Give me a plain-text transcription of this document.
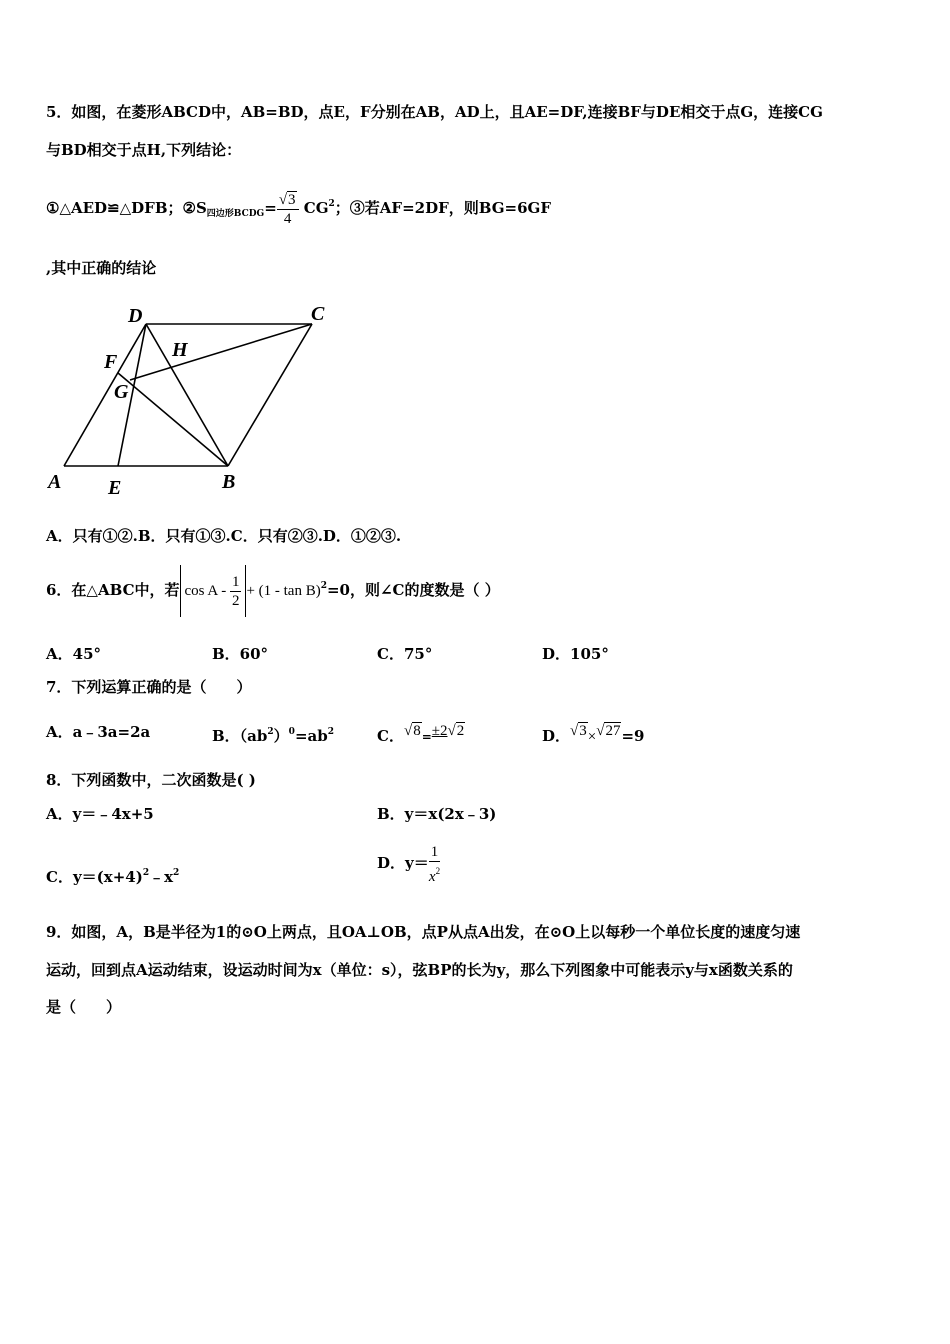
5．如图，在菱形ABCD中，AB=BD，点E，F分别在AB，AD上，且AE=DF,连接BF与DE相交于点G，连接CG
与BD相交于点H,下列结论：
①△AED≌△DFB；$②S_{四边形BCDG}= \frac{√3}{4} CG^2$；③若AF=2DF，则BG=6GF
,其中正确的结论
D	C
F
H
G
A E	B
A．只有①②.B．只有①③.C．只有②③.D．①②③.
6．在△ABC中，若 $\cos A - \frac{1}{2} + (1 - \tan B)^2=0$，则∠C的度数是（ ）
A．45°	B．60°	C．75°	D．105°
7．下列运算正确的是（　　）
A．a﹣3a=2a	B．$(ab^2)^0=ab^2$	C．√8=±2√2	D．√3×√27=9
8．下列函数中，二次函数是( )
A．y＝﹣4x+5	B．y＝x(2x﹣3)
C．$y=(x+4)^2﹣x^2$
D．$y= \frac{1}{x^2}$
9．如图，A，B是半径为1的⊙O上两点，且OA⊥OB，点P从点A出发，在⊙O上以每秒一个单位长度的速度匀速
运动，回到点A运动结束，设运动时间为x（单位：s），弦BP的长为y，那么下列图象中可能表示y与x函数关系的
是（　　）
